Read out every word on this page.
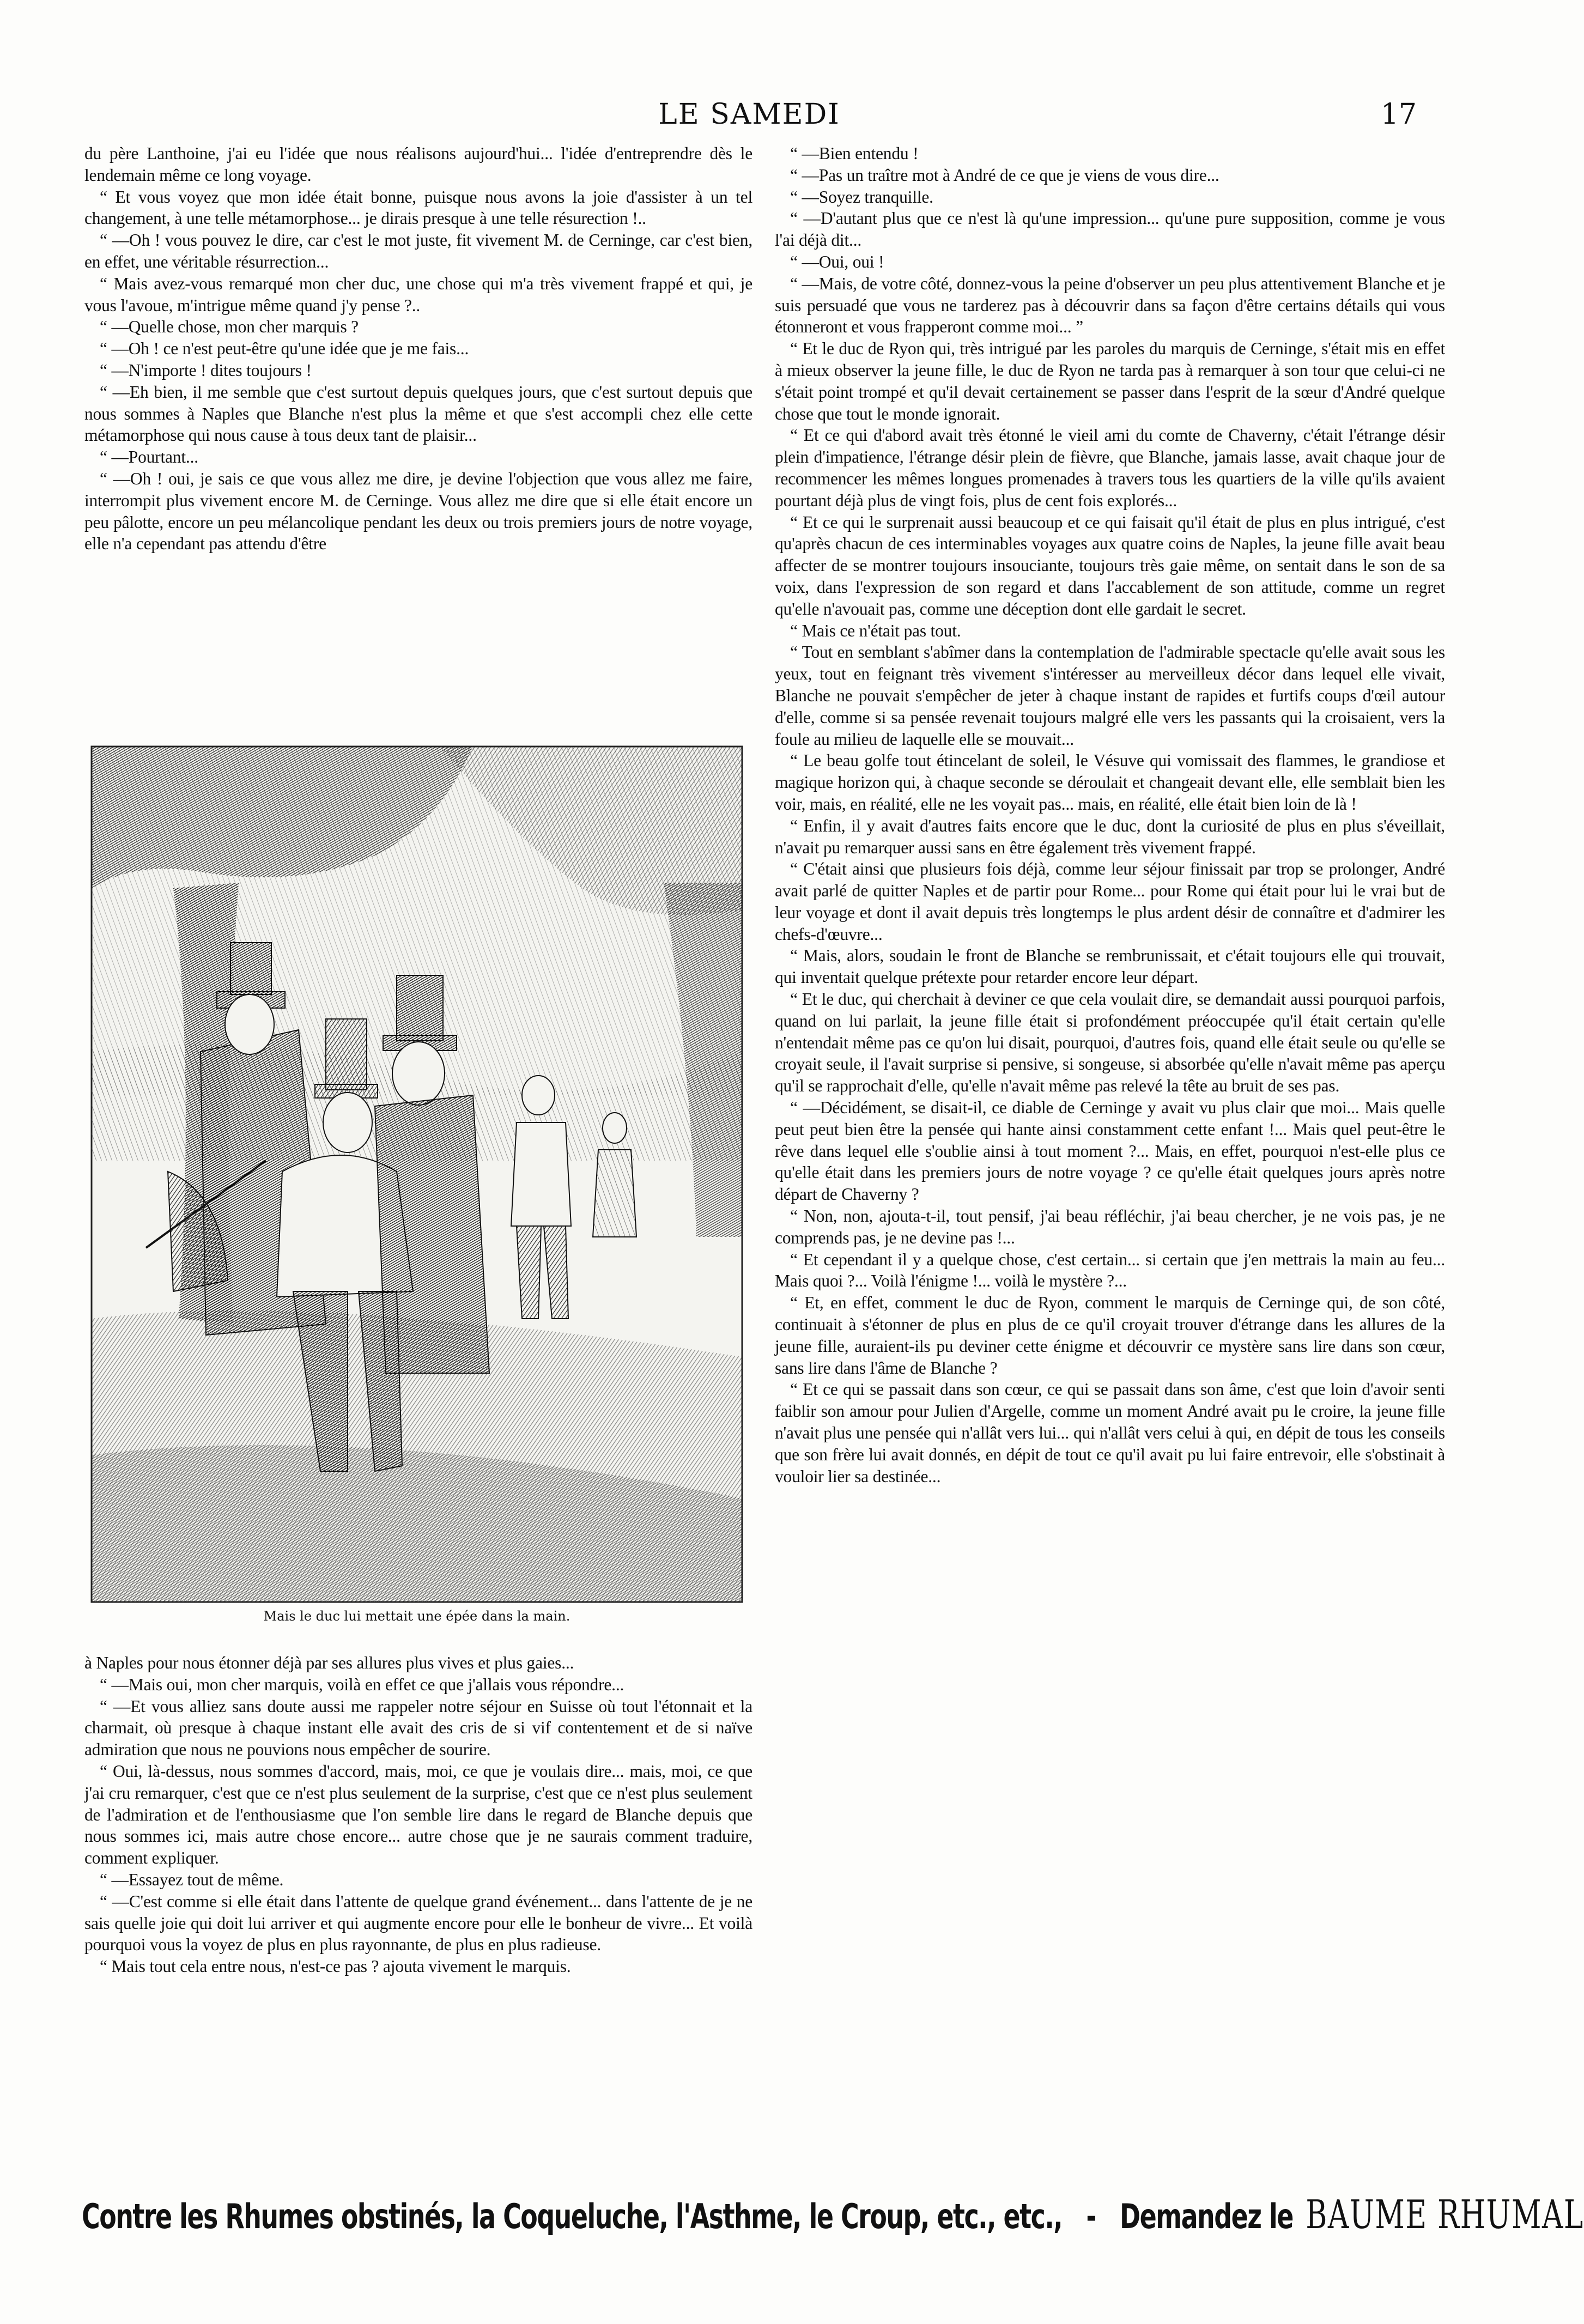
LE SAMEDI	17

du père Lanthoine, j'ai eu l'idée que nous réalisons aujourd'hui... l'idée d'entreprendre dès le lendemain même ce long voyage.

“ Et vous voyez que mon idée était bonne, puisque nous avons la joie d'assister à un tel changement, à une telle métamorphose... je dirais presque à une telle résurection !..

“ —Oh ! vous pouvez le dire, car c'est le mot juste, fit vivement M. de Cerninge, car c'est bien, en effet, une véritable résurrection...

“ Mais avez-vous remarqué mon cher duc, une chose qui m'a très vivement frappé et qui, je vous l'avoue, m'intrigue même quand j'y pense ?..

“ —Quelle chose, mon cher marquis ?

“ —Oh ! ce n'est peut-être qu'une idée que je me fais...

“ —N'importe ! dites toujours !

“ —Eh bien, il me semble que c'est surtout depuis quelques jours, que c'est surtout depuis que nous sommes à Naples que Blanche n'est plus la même et que s'est accompli chez elle cette métamorphose qui nous cause à tous deux tant de plaisir...

“ —Pourtant...

“ —Oh ! oui, je sais ce que vous allez me dire, je devine l'objection que vous allez me faire, interrompit plus vivement encore M. de Cerninge. Vous allez me dire que si elle était encore un peu pâlotte, encore un peu mélancolique pendant les deux ou trois premiers jours de notre voyage, elle n'a cependant pas attendu d'être

Mais le duc lui mettait une épée dans la main.

à Naples pour nous étonner déjà par ses allures plus vives et plus gaies...

“ —Mais oui, mon cher marquis, voilà en effet ce que j'allais vous répondre...

“ —Et vous alliez sans doute aussi me rappeler notre séjour en Suisse où tout l'étonnait et la charmait, où presque à chaque instant elle avait des cris de si vif contentement et de si naïve admiration que nous ne pouvions nous empêcher de sourire.

“ Oui, là-dessus, nous sommes d'accord, mais, moi, ce que je voulais dire... mais, moi, ce que j'ai cru remarquer, c'est que ce n'est plus seulement de la surprise, c'est que ce n'est plus seulement de l'admiration et de l'enthousiasme que l'on semble lire dans le regard de Blanche depuis que nous sommes ici, mais autre chose encore... autre chose que je ne saurais comment traduire, comment expliquer.

“ —Essayez tout de même.

“ —C'est comme si elle était dans l'attente de quelque grand événement... dans l'attente de je ne sais quelle joie qui doit lui arriver et qui augmente encore pour elle le bonheur de vivre... Et voilà pourquoi vous la voyez de plus en plus rayonnante, de plus en plus radieuse.

“ Mais tout cela entre nous, n'est-ce pas ? ajouta vivement le marquis.

“ —Bien entendu !

“ —Pas un traître mot à André de ce que je viens de vous dire...

“ —Soyez tranquille.

“ —D'autant plus que ce n'est là qu'une impression... qu'une pure supposition, comme je vous l'ai déjà dit...

“ —Oui, oui !

“ —Mais, de votre côté, donnez-vous la peine d'observer un peu plus attentivement Blanche et je suis persuadé que vous ne tarderez pas à découvrir dans sa façon d'être certains détails qui vous étonneront et vous frapperont comme moi... ”

“ Et le duc de Ryon qui, très intrigué par les paroles du marquis de Cerninge, s'était mis en effet à mieux observer la jeune fille, le duc de Ryon ne tarda pas à remarquer à son tour que celui-ci ne s'était point trompé et qu'il devait certainement se passer dans l'esprit de la sœur d'André quelque chose que tout le monde ignorait.

“ Et ce qui d'abord avait très étonné le vieil ami du comte de Chaverny, c'était l'étrange désir plein d'impatience, l'étrange désir plein de fièvre, que Blanche, jamais lasse, avait chaque jour de recommencer les mêmes longues promenades à travers tous les quartiers de la ville qu'ils avaient pourtant déjà plus de vingt fois, plus de cent fois explorés...

“ Et ce qui le surprenait aussi beaucoup et ce qui faisait qu'il était de plus en plus intrigué, c'est qu'après chacun de ces interminables voyages aux quatre coins de Naples, la jeune fille avait beau affecter de se montrer toujours insouciante, toujours très gaie même, on sentait dans le son de sa voix, dans l'expression de son regard et dans l'accablement de son attitude, comme un regret qu'elle n'avouait pas, comme une déception dont elle gardait le secret.

“ Mais ce n'était pas tout.

“ Tout en semblant s'abîmer dans la contemplation de l'admirable spectacle qu'elle avait sous les yeux, tout en feignant très vivement s'intéresser au merveilleux décor dans lequel elle vivait, Blanche ne pouvait s'empêcher de jeter à chaque instant de rapides et furtifs coups d'œil autour d'elle, comme si sa pensée revenait toujours malgré elle vers les passants qui la croisaient, vers la foule au milieu de laquelle elle se mouvait...

“ Le beau golfe tout étincelant de soleil, le Vésuve qui vomissait des flammes, le grandiose et magique horizon qui, à chaque seconde se déroulait et changeait devant elle, elle semblait bien les voir, mais, en réalité, elle ne les voyait pas... mais, en réalité, elle était bien loin de là !

“ Enfin, il y avait d'autres faits encore que le duc, dont la curiosité de plus en plus s'éveillait, n'avait pu remarquer aussi sans en être également très vivement frappé.

“ C'était ainsi que plusieurs fois déjà, comme leur séjour finissait par trop se prolonger, André avait parlé de quitter Naples et de partir pour Rome... pour Rome qui était pour lui le vrai but de leur voyage et dont il avait depuis très longtemps le plus ardent désir de connaître et d'admirer les chefs-d'œuvre...

“ Mais, alors, soudain le front de Blanche se rembrunissait, et c'était toujours elle qui trouvait, qui inventait quelque prétexte pour retarder encore leur départ.

“ Et le duc, qui cherchait à deviner ce que cela voulait dire, se demandait aussi pourquoi parfois, quand on lui parlait, la jeune fille était si profondément préoccupée qu'il était certain qu'elle n'entendait même pas ce qu'on lui disait, pourquoi, d'autres fois, quand elle était seule ou qu'elle se croyait seule, il l'avait surprise si pensive, si songeuse, si absorbée qu'elle n'avait même pas aperçu qu'il se rapprochait d'elle, qu'elle n'avait même pas relevé la tête au bruit de ses pas.

“ —Décidément, se disait-il, ce diable de Cerninge y avait vu plus clair que moi... Mais quelle peut peut bien être la pensée qui hante ainsi constamment cette enfant !... Mais quel peut-être le rêve dans lequel elle s'oublie ainsi à tout moment ?... Mais, en effet, pourquoi n'est-elle plus ce qu'elle était dans les premiers jours de notre voyage ? ce qu'elle était quelques jours après notre départ de Chaverny ?

“ Non, non, ajouta-t-il, tout pensif, j'ai beau réfléchir, j'ai beau chercher, je ne vois pas, je ne comprends pas, je ne devine pas !...

“ Et cependant il y a quelque chose, c'est certain... si certain que j'en mettrais la main au feu... Mais quoi ?... Voilà l'énigme !... voilà le mystère ?...

“ Et, en effet, comment le duc de Ryon, comment le marquis de Cerninge qui, de son côté, continuait à s'étonner de plus en plus de ce qu'il croyait trouver d'étrange dans les allures de la jeune fille, auraient-ils pu deviner cette énigme et découvrir ce mystère sans lire dans son cœur, sans lire dans l'âme de Blanche ?

“ Et ce qui se passait dans son cœur, ce qui se passait dans son âme, c'est que loin d'avoir senti faiblir son amour pour Julien d'Argelle, comme un moment André avait pu le croire, la jeune fille n'avait plus une pensée qui n'allât vers lui... qui n'allât vers celui à qui, en dépit de tous les conseils que son frère lui avait donnés, en dépit de tout ce qu'il avait pu lui faire entrevoir, elle s'obstinait à vouloir lier sa destinée...

Contre les Rhumes obstinés, la Coqueluche, l'Asthme, le Croup, etc., etc., - Demandez le BAUME RHUMAL
